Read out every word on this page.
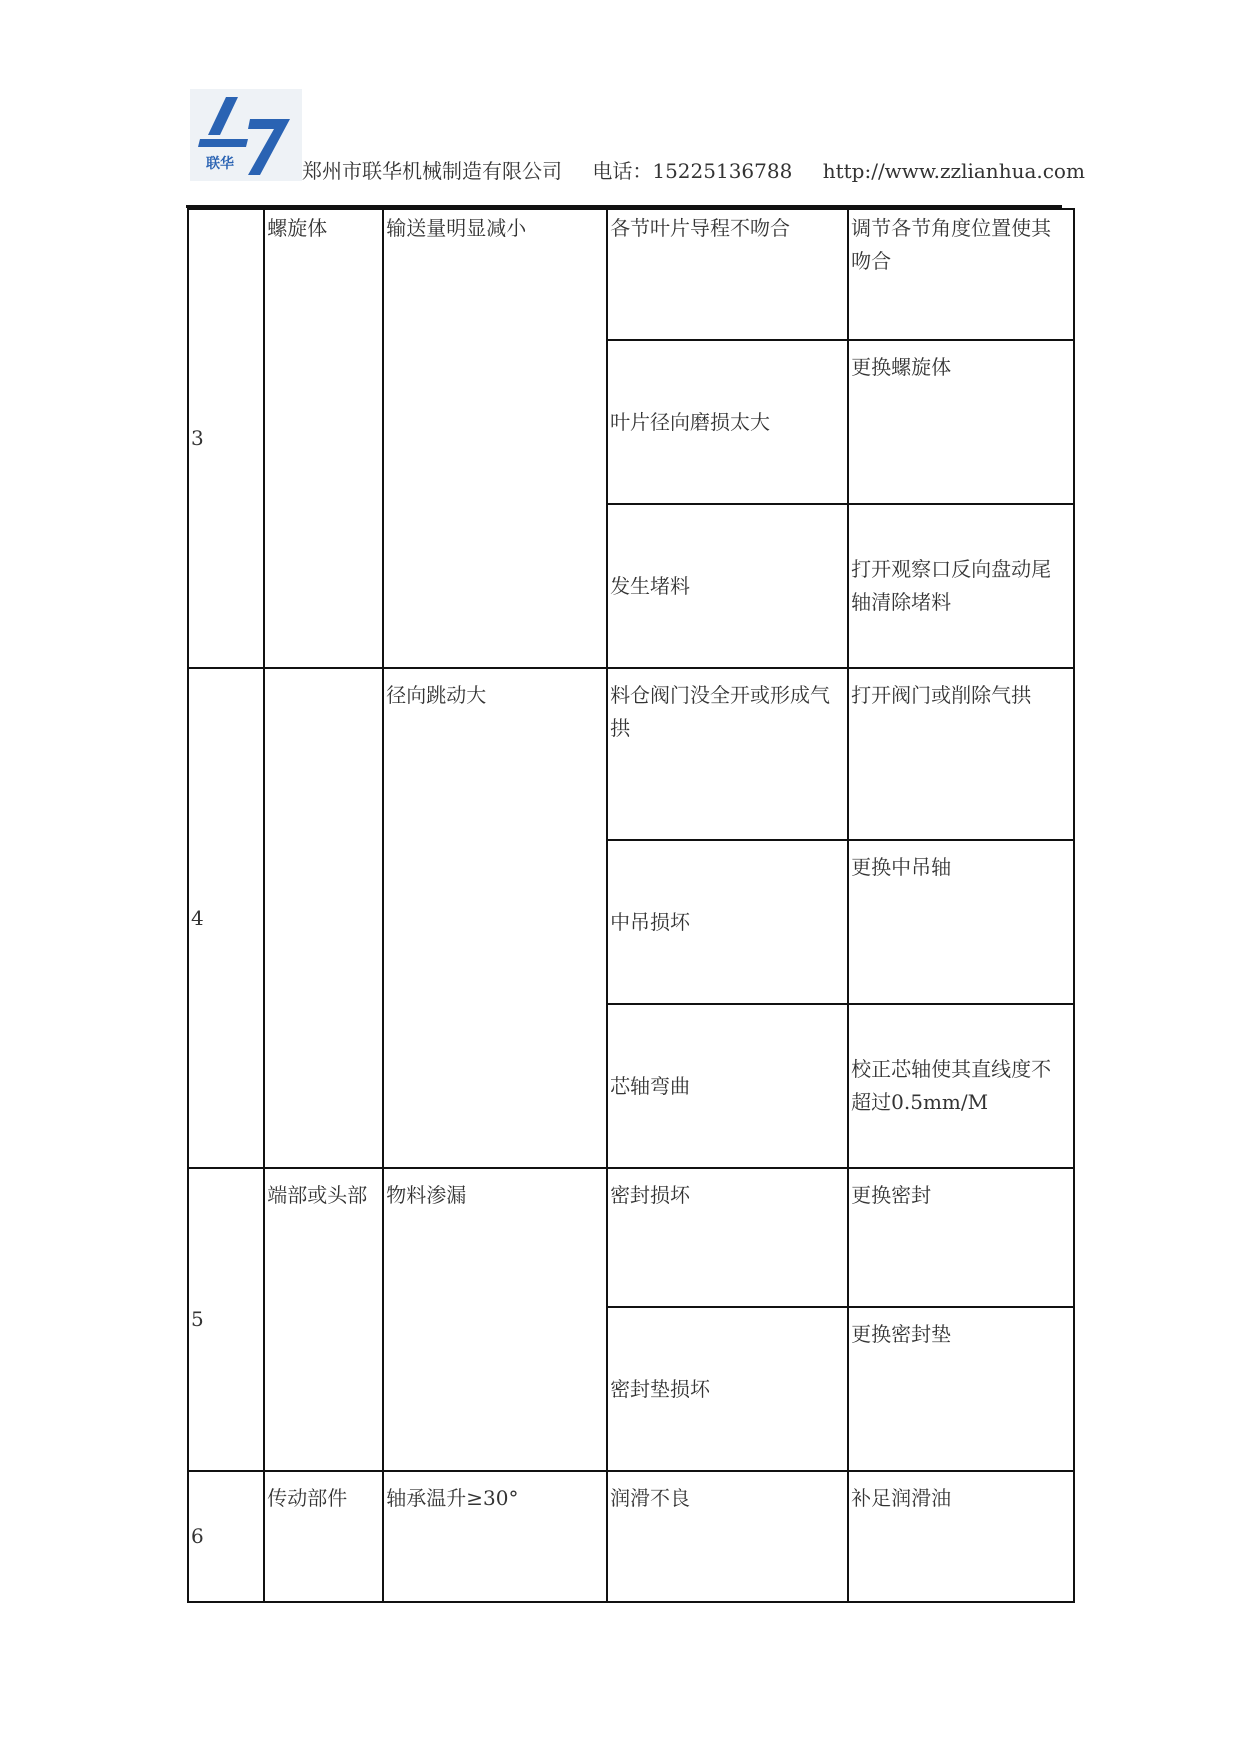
联华	郑州市联华机械制造有限公司 电话：15225136788 http://www.zzlianhua.com
3	螺旋体	输送量明显减小	各节叶片导程不吻合	调节各节角度位置使其吻合
			叶片径向磨损太大	更换螺旋体
			发生堵料	打开观察口反向盘动尾轴清除堵料
4		径向跳动大	料仓阀门没全开或形成气拱	打开阀门或削除气拱
			中吊损坏	更换中吊轴
			芯轴弯曲	校正芯轴使其直线度不超过0.5mm/M
5	端部或头部	物料渗漏	密封损坏	更换密封
			密封垫损坏	更换密封垫
6	传动部件	轴承温升≥30°	润滑不良	补足润滑油
